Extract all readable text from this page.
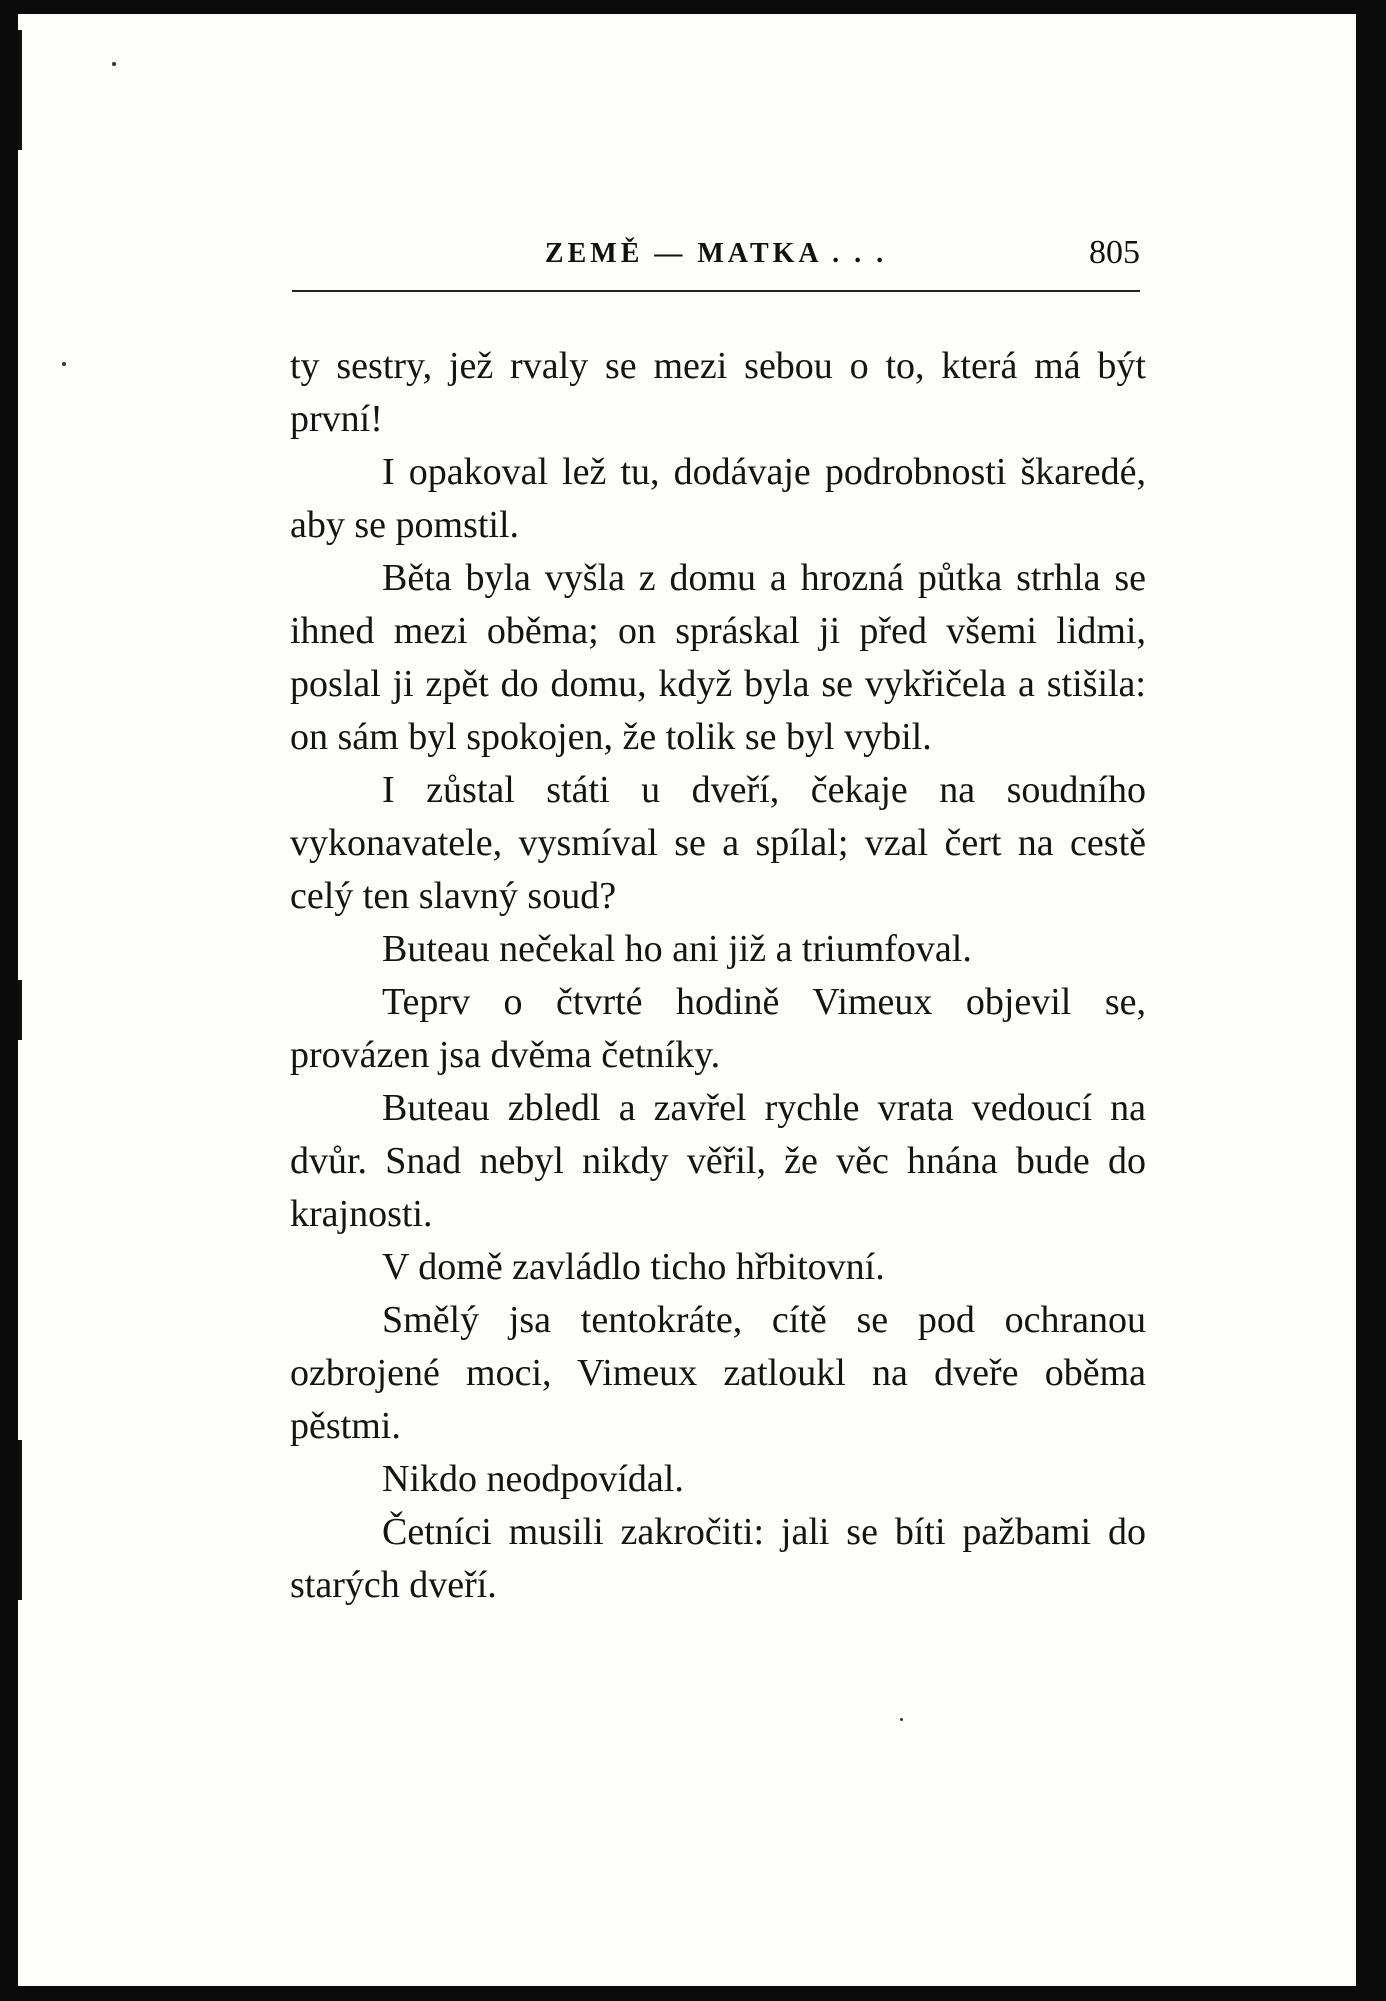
ZEMĚ — MATKA . . .	805

ty sestry, jež rvaly se mezi sebou o to, která má být první!

I opakoval lež tu, dodávaje podrobnosti škaredé, aby se pomstil.

Běta byla vyšla z domu a hrozná půtka strhla se ihned mezi oběma; on spráskal ji před všemi lidmi, poslal ji zpět do domu, když byla se vykřičela a stišila: on sám byl spokojen, že tolik se byl vybil.

I zůstal státi u dveří, čekaje na soudního vykonavatele, vysmíval se a spílal; vzal čert na cestě celý ten slavný soud?

Buteau nečekal ho ani již a triumfoval.

Teprv o čtvrté hodině Vimeux objevil se, provázen jsa dvěma četníky.

Buteau zbledl a zavřel rychle vrata vedoucí na dvůr. Snad nebyl nikdy věřil, že věc hnána bude do krajnosti.

V domě zavládlo ticho hřbitovní.

Smělý jsa tentokráte, cítě se pod ochranou ozbrojené moci, Vimeux zatloukl na dveře oběma pěstmi.

Nikdo neodpovídal.

Četníci musili zakročiti: jali se bíti pažbami do starých dveří.
